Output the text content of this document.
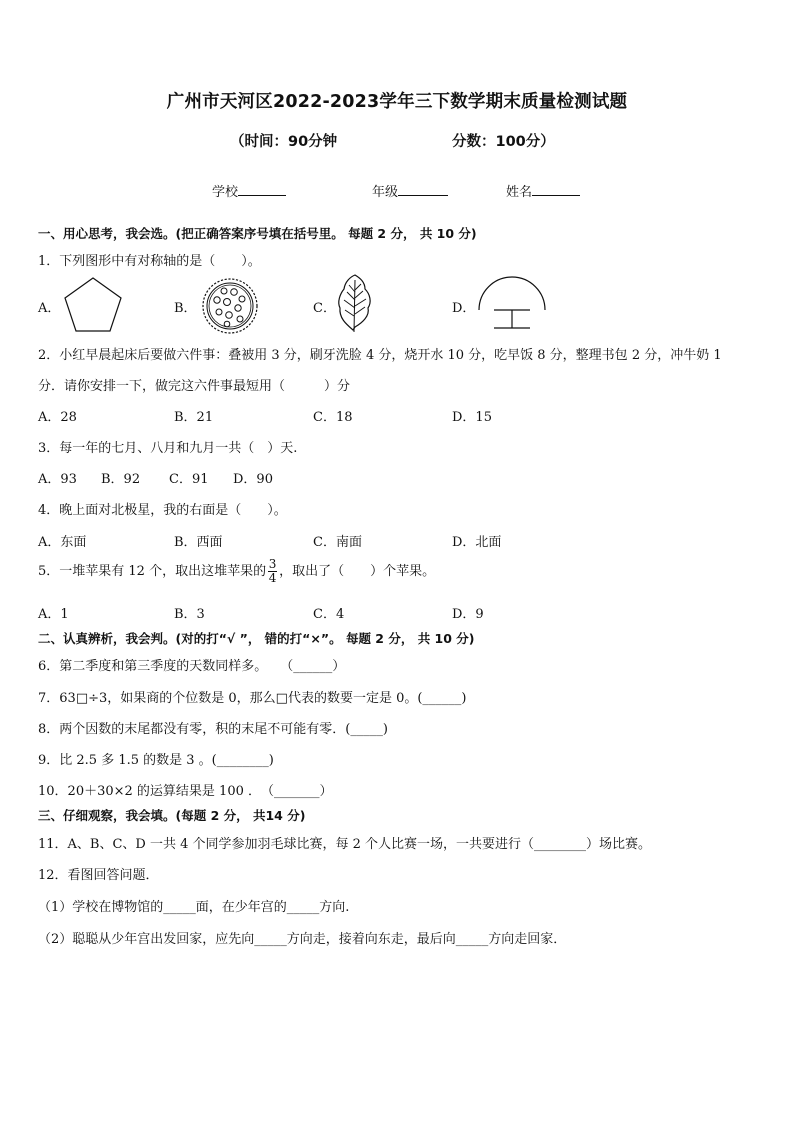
广州市天河区2022-2023学年三下数学期末质量检测试题
（时间：90分钟	分数：100分）
学校	年级	姓名
一、用心思考，我会选。(把正确答案序号填在括号里。 每题 2 分， 共 10 分)
1．下列图形中有对称轴的是（　　）。
A．	B．	C．	D．
2．小红早晨起床后要做六件事：叠被用 3 分，刷牙洗脸 4 分，烧开水 10 分，吃早饭 8 分，整理书包 2 分，冲牛奶 1
分．请你安排一下，做完这六件事最短用（　　　）分
A．28	B．21	C．18	D．15
3．每一年的七月、八月和九月一共（　）天.
A．93 B．92 C．91 D．90
4．晚上面对北极星，我的右面是（　　）。
A．东面	B．西面	C．南面	D．北面
5．一堆苹果有 12 个，取出这堆苹果的 $\frac{3}{4}$ ，取出了（　　）个苹果。
A．1	B．3	C．4	D．9
二、认真辨析，我会判。(对的打“√ ”， 错的打“×”。 每题 2 分， 共 10 分)
6．第二季度和第三季度的天数同样多。　　（______）
7．63□÷3，如果商的个位数是 0，那么□代表的数要一定是 0。(______)
8．两个因数的末尾都没有零，积的末尾不可能有零．(_____)
9．比 2.5 多 1.5 的数是 3 。(________)
10．20＋30×2 的运算结果是 100 ．　（_______）
三、仔细观察，我会填。(每题 2 分， 共14 分)
11．A、B、C、D 一共 4 个同学参加羽毛球比赛，每 2 个人比赛一场，一共要进行（________）场比赛。
12．看图回答问题．
（1）学校在博物馆的_____面，在少年宫的_____方向.
（2）聪聪从少年宫出发回家，应先向_____方向走，接着向东走，最后向_____方向走回家．
